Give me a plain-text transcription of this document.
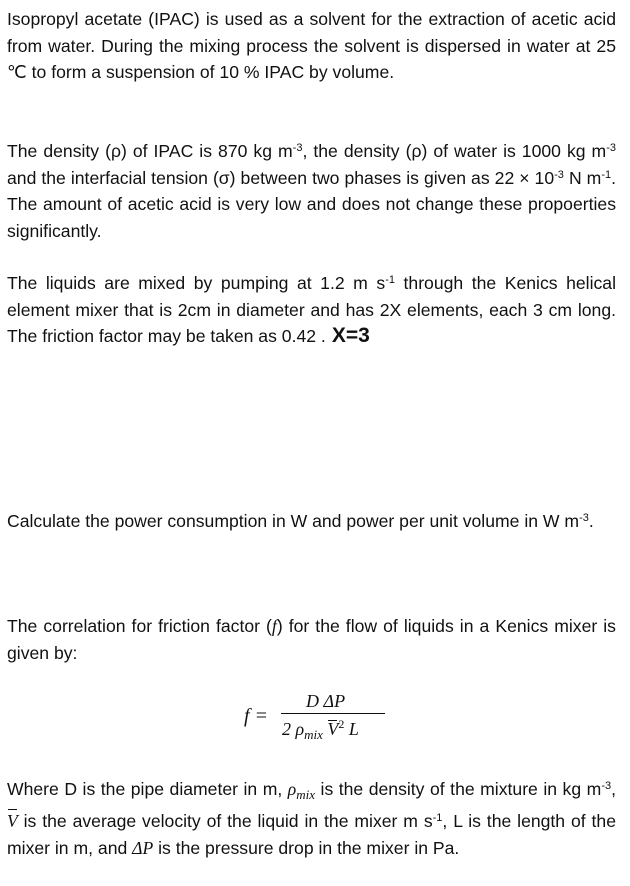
Isopropyl acetate (IPAC) is used as a solvent for the extraction of acetic acid from water. During the mixing process the solvent is dispersed in water at 25 ℃ to form a suspension of 10 % IPAC by volume.

The density (ρ) of IPAC is 870 kg $m^{-3}$, the density (ρ) of water is 1000 kg $m^{-3}$ and the interfacial tension (σ) between two phases is given as $22 \times 10^{-3}$ N $m^{-1}$. The amount of acetic acid is very low and does not change these propoerties significantly.

The liquids are mixed by pumping at 1.2 m $s^{-1}$ through the Kenics helical element mixer that is 2cm in diameter and has 2X elements, each 3 cm long. The friction factor may be taken as 0.42 . X=3

Calculate the power consumption in W and power per unit volume in W $m^{-3}$.

The correlation for friction factor (f) for the flow of liquids in a Kenics mixer is given by:

f =
D ΔP
2 $\rho_{mix}$ $V^2$ L

Where D is the pipe diameter in m, $\rho_{mix}$ is the density of the mixture in kg $m^{-3}$, V is the average velocity of the liquid in the mixer m $s^{-1}$, L is the length of the mixer in m, and ΔP is the pressure drop in the mixer in Pa.
